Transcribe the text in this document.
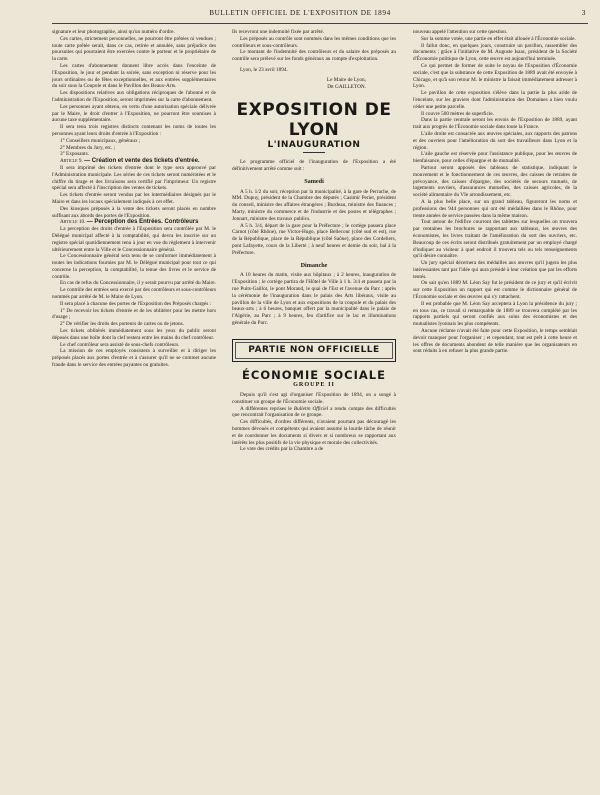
BULLETIN OFFICIEL DE L'EXPOSITION DE 1894	3

signature et leur photographie, ainsi qu'un numéro d'ordre.

Ces cartes, strictement personnelles, ne pourront être prêtées ni vendues ; toute carte prêtée serait, dans ce cas, retirée et annulée, sans préjudice des poursuites qui pourraient être exercées contre le porteur et le propriétaire de la carte.

Les cartes d'abonnement donnent libre accès dans l'enceinte de l'Exposition, le jour et pendant la soirée, sans exception ni réserve pour les jours ordinaires ou de fêtes exceptionnelles, et aux entrées supplémentaires du soir sous la Coupole et dans le Pavillon des Beaux-Arts.

Les dispositions relatives aux obligations réciproques de l'abonné et de l'administration de l'Exposition, seront imprimées sur la carte d'abonnement.

Les personnes ayant obtenu, en vertu d'une autorisation spéciale délivrée par le Maire, le droit d'entrer à l'Exposition, ne pourront être soumises à aucune taxe supplémentaire.

Il sera tenu trois registres distincts contenant les noms de toutes les personnes ayant leurs droits d'entrée à l'Exposition :

1° Conseillers municipaux, généraux ;

2° Membres du Jury, etc. ;

3° Exposants.

Article 9. — Création et vente des tickets d'entrée.

Il sera imprimé des tickets d'entrée dont le type sera approuvé par l'Administration municipale. Les séries de ces tickets seront numérotées et le chiffre du tirage et des livraisons sera certifié par l'imprimeur. Un registre spécial sera affecté à l'inscription des ventes de tickets.

Les tickets d'entrée seront vendus par les intermédiaires désignés par le Maire et dans les locaux spécialement indiqués à cet effet.

Des kiosques préposés à la vente des tickets seront placés en nombre suffisant aux abords des portes de l'Exposition.

Article 10. — Perception des Entrées. Contrôleurs

La perception des droits d'entrée à l'Exposition sera contrôlée par M. le Délégué municipal affecté à la comptabilité, qui devra les inscrire sur un registre spécial quotidiennement tenu à jour en vue du règlement à intervenir ultérieurement entre la Ville et le Concessionnaire général.

Le Concessionnaire général sera tenu de se conformer immédiatement à toutes les indications fournies par M. le Délégué municipal pour tout ce qui concerne la perception, la comptabilité, la tenue des livres et le service de contrôle.

En cas de refus du Concessionnaire, il y serait pourvu par arrêté du Maire.

Le contrôle des entrées sera exercé par des contrôleurs et sous-contrôleurs nommés par arrêté de M. le Maire de Lyon.

Il sera placé à chacune des portes de l'Exposition des Préposés chargés :

1° De recevoir les tickets d'entrée et de les oblitérer pour les mettre hors d'usage ;

2° De vérifier les droits des porteurs de cartes ou de jetons.

Les tickets oblitérés immédiatement sous les yeux du public seront déposés dans une boîte dont la clef restera entre les mains du chef contrôleur.

Le chef contrôleur sera assisté de sous-chefs contrôleurs.

La mission de ces employés consistera à surveiller et à diriger les préposés placés aux portes d'entrée et à s'assurer qu'il ne se commet aucune fraude dans le service des entrées payantes ou gratuites.

Ils recevront une indemnité fixée par arrêté.

Les préposés au contrôle sont nommés dans les mêmes conditions que les contrôleurs et sous-contrôleurs.

Le montant de l'indemnité des contrôleurs et du salaire des préposés au contrôle sera prélevé sur les fonds généraux au compte d'exploitation.

Lyon, le 23 avril 1894.

Le Maire de Lyon,

Dr GAILLETON.

EXPOSITION DE LYON
L'INAUGURATION

Le programme officiel de l'inauguration de l'Exposition a été définitivement arrêté comme suit :

Samedi

A 5 h. 1/2 du soir, réception par la municipalité, à la gare de Perrache, de MM. Dupuy, président de la Chambre des députés ; Casimir Perier, président du conseil, ministre des affaires étrangères ; Burdeau, ministre des finances ; Marty, ministre du commerce et de l'industrie et des postes et télégraphes ; Jonnart, ministre des travaux publics.

A 5 h. 3/4, départ de la gare pour la Préfecture ; le cortège passera place Carnot (côté Rhône), rue Victor-Hugo, place Bellecour (côté sud et est), rue de la République, place de la République (côté Saône), place des Cordeliers, pont Lafayette, cours de la Liberté ; à neuf heures et demie du soir, bal à la Préfecture.

Dimanche

A 10 heures du matin, visite aux hôpitaux ; à 2 heures, inauguration de l'Exposition ; le cortège partira de l'Hôtel de Ville à 1 h. 3/4 et passera par la rue Puits-Gaillot, le pont Morand, le quai de l'Est et l'avenue du Parc ; après la cérémonie de l'inauguration dans le palais des Arts libéraux, visite au pavillon de la ville de Lyon et aux expositions de la coupole et du palais des beaux-arts ; à 6 heures, banquet offert par la municipalité dans le palais de l'Algérie, au Parc ; à 9 heures, feu d'artifice sur le lac et illuminations générale du Parc.

PARTIE NON OFFICIELLE
ÉCONOMIE SOCIALE
GROUPE II

Depuis qu'il s'est agi d'organiser l'Exposition de 1894, on a songé à constituer un groupe de l'Économie sociale.

A différentes reprises le Bulletin Officiel a rendu compte des difficultés que rencontrait l'organisation de ce groupe.

Ces difficultés, d'ordres différents, n'avaient pourtant pas découragé les hommes dévoués et compétents qui avaient assumé la lourde tâche de réunir et de coordonner les documents si divers et si nombreux se rapportant aux intérêts les plus positifs de la vie physique et morale des collectivités.

Le vote des crédits par la Chambre a de

nouveau appelé l'attention sur cette question.

Sur la somme votée, une partie en effet était allouée à l'Économie sociale.

Il fallut donc, en quelques jours, construire un pavillon, rassembler des documents ; grâce à l'initiative de M. Auguste Isaac, président de la Société d'Économie politique de Lyon, cette œuvre est aujourd'hui terminée.

Ce qui permet de former de suite le noyau de l'Exposition d'Économie sociale, c'est que la substance de cette Exposition de 1889 avait été envoyée à Chicago, et qu'à son retour M. le ministre la faisait immédiatement adresser à Lyon.

Le pavillon de cette exposition s'élève dans la partie la plus aride de l'enceinte, sur les graviers dont l'administration des Domaines a bien voulu céder une petite parcelle.

Il couvre 500 mètres de superficie.

Dans la partie centrale seront les envois de l'Exposition de 1889, ayant trait aux progrès de l'Économie sociale dans toute la France.

L'aile droite est consacrée aux œuvres spéciales, aux rapports des patrons et des ouvriers pour l'amélioration du sort des travailleurs dans Lyon et la région.

L'aile gauche est réservée pour l'assistance publique, pour les œuvres de bienfaisance, pour celles d'épargne et de mutualité.

Partout seront apposés des tableaux de statistique, indiquant le mouvement et le fonctionnement de ces œuvres, des caisses de retraites de prévoyance, des caisses d'épargne, des sociétés de secours mutuels, de logements ouvriers, d'assurances mutuelles, des caisses agricoles, de la société alimentaire du VIe arrondissement, etc.

A la plus belle place, sur un grand tableau, figureront les noms et professions des 944 personnes qui ont été médaillées dans le Rhône, pour trente années de service passées dans la même maison.

Tout autour de l'édifice courront des tablettes sur lesquelles on trouvera par centaines les brochures se rapportant aux tableaux, les œuvres des économistes, les livres traitant de l'amélioration du sort des ouvriers, etc. Beaucoup de ces écrits seront distribués gratuitement par un employé chargé d'indiquer au visiteur à quel endroit il trouvera tels ou tels renseignements qu'il désire connaître.

Un jury spécial décernera des médailles aux œuvres qu'il jugera les plus intéressantes tant par l'idée qui aura présidé à leur création que par les efforts tentés.

On sait qu'en 1889 M. Léon Say fut le président de ce jury et qu'il écrivit sur cette Exposition un rapport qui est comme le dictionnaire général de l'Économie sociale et des œuvres qui s'y rattachent.

Il est probable que M. Léon Say acceptera à Lyon la présidence du jury ; en tous cas, ce travail si remarquable de 1889 se trouvera complété par les rapports partiels qui seront confiés aux soins des économistes et des mutualistes lyonnais les plus compétents.

Aucune réclame n'avait été faite pour cette Exposition, le temps semblait devoir manquer pour l'organiser ; et cependant, tout est prêt à cette heure et les offres de documents abondent de telle manière que les organisateurs en sont réduits à en refuser la plus grande partie.
